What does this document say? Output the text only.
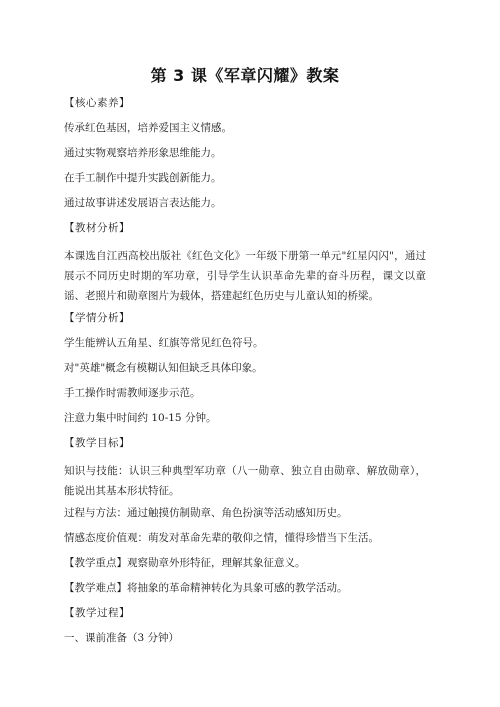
第 3 课《军章闪耀》教案

【核心素养】

传承红色基因，培养爱国主义情感。

通过实物观察培养形象思维能力。

在手工制作中提升实践创新能力。

通过故事讲述发展语言表达能力。

【教材分析】

本课选自江西高校出版社《红色文化》一年级下册第一单元"红星闪闪"，通过展示不同历史时期的军功章，引导学生认识革命先辈的奋斗历程，课文以童谣、老照片和勋章图片为载体，搭建起红色历史与儿童认知的桥梁。

【学情分析】

学生能辨认五角星、红旗等常见红色符号。

对"英雄"概念有模糊认知但缺乏具体印象。

手工操作时需教师逐步示范。

注意力集中时间约 10-15 分钟。

【教学目标】

知识与技能：认识三种典型军功章（八一勋章、独立自由勋章、解放勋章），能说出其基本形状特征。

过程与方法：通过触摸仿制勋章、角色扮演等活动感知历史。

情感态度价值观：萌发对革命先辈的敬仰之情，懂得珍惜当下生活。

【教学重点】观察勋章外形特征，理解其象征意义。

【教学难点】将抽象的革命精神转化为具象可感的教学活动。

【教学过程】

一、课前准备（3 分钟）
